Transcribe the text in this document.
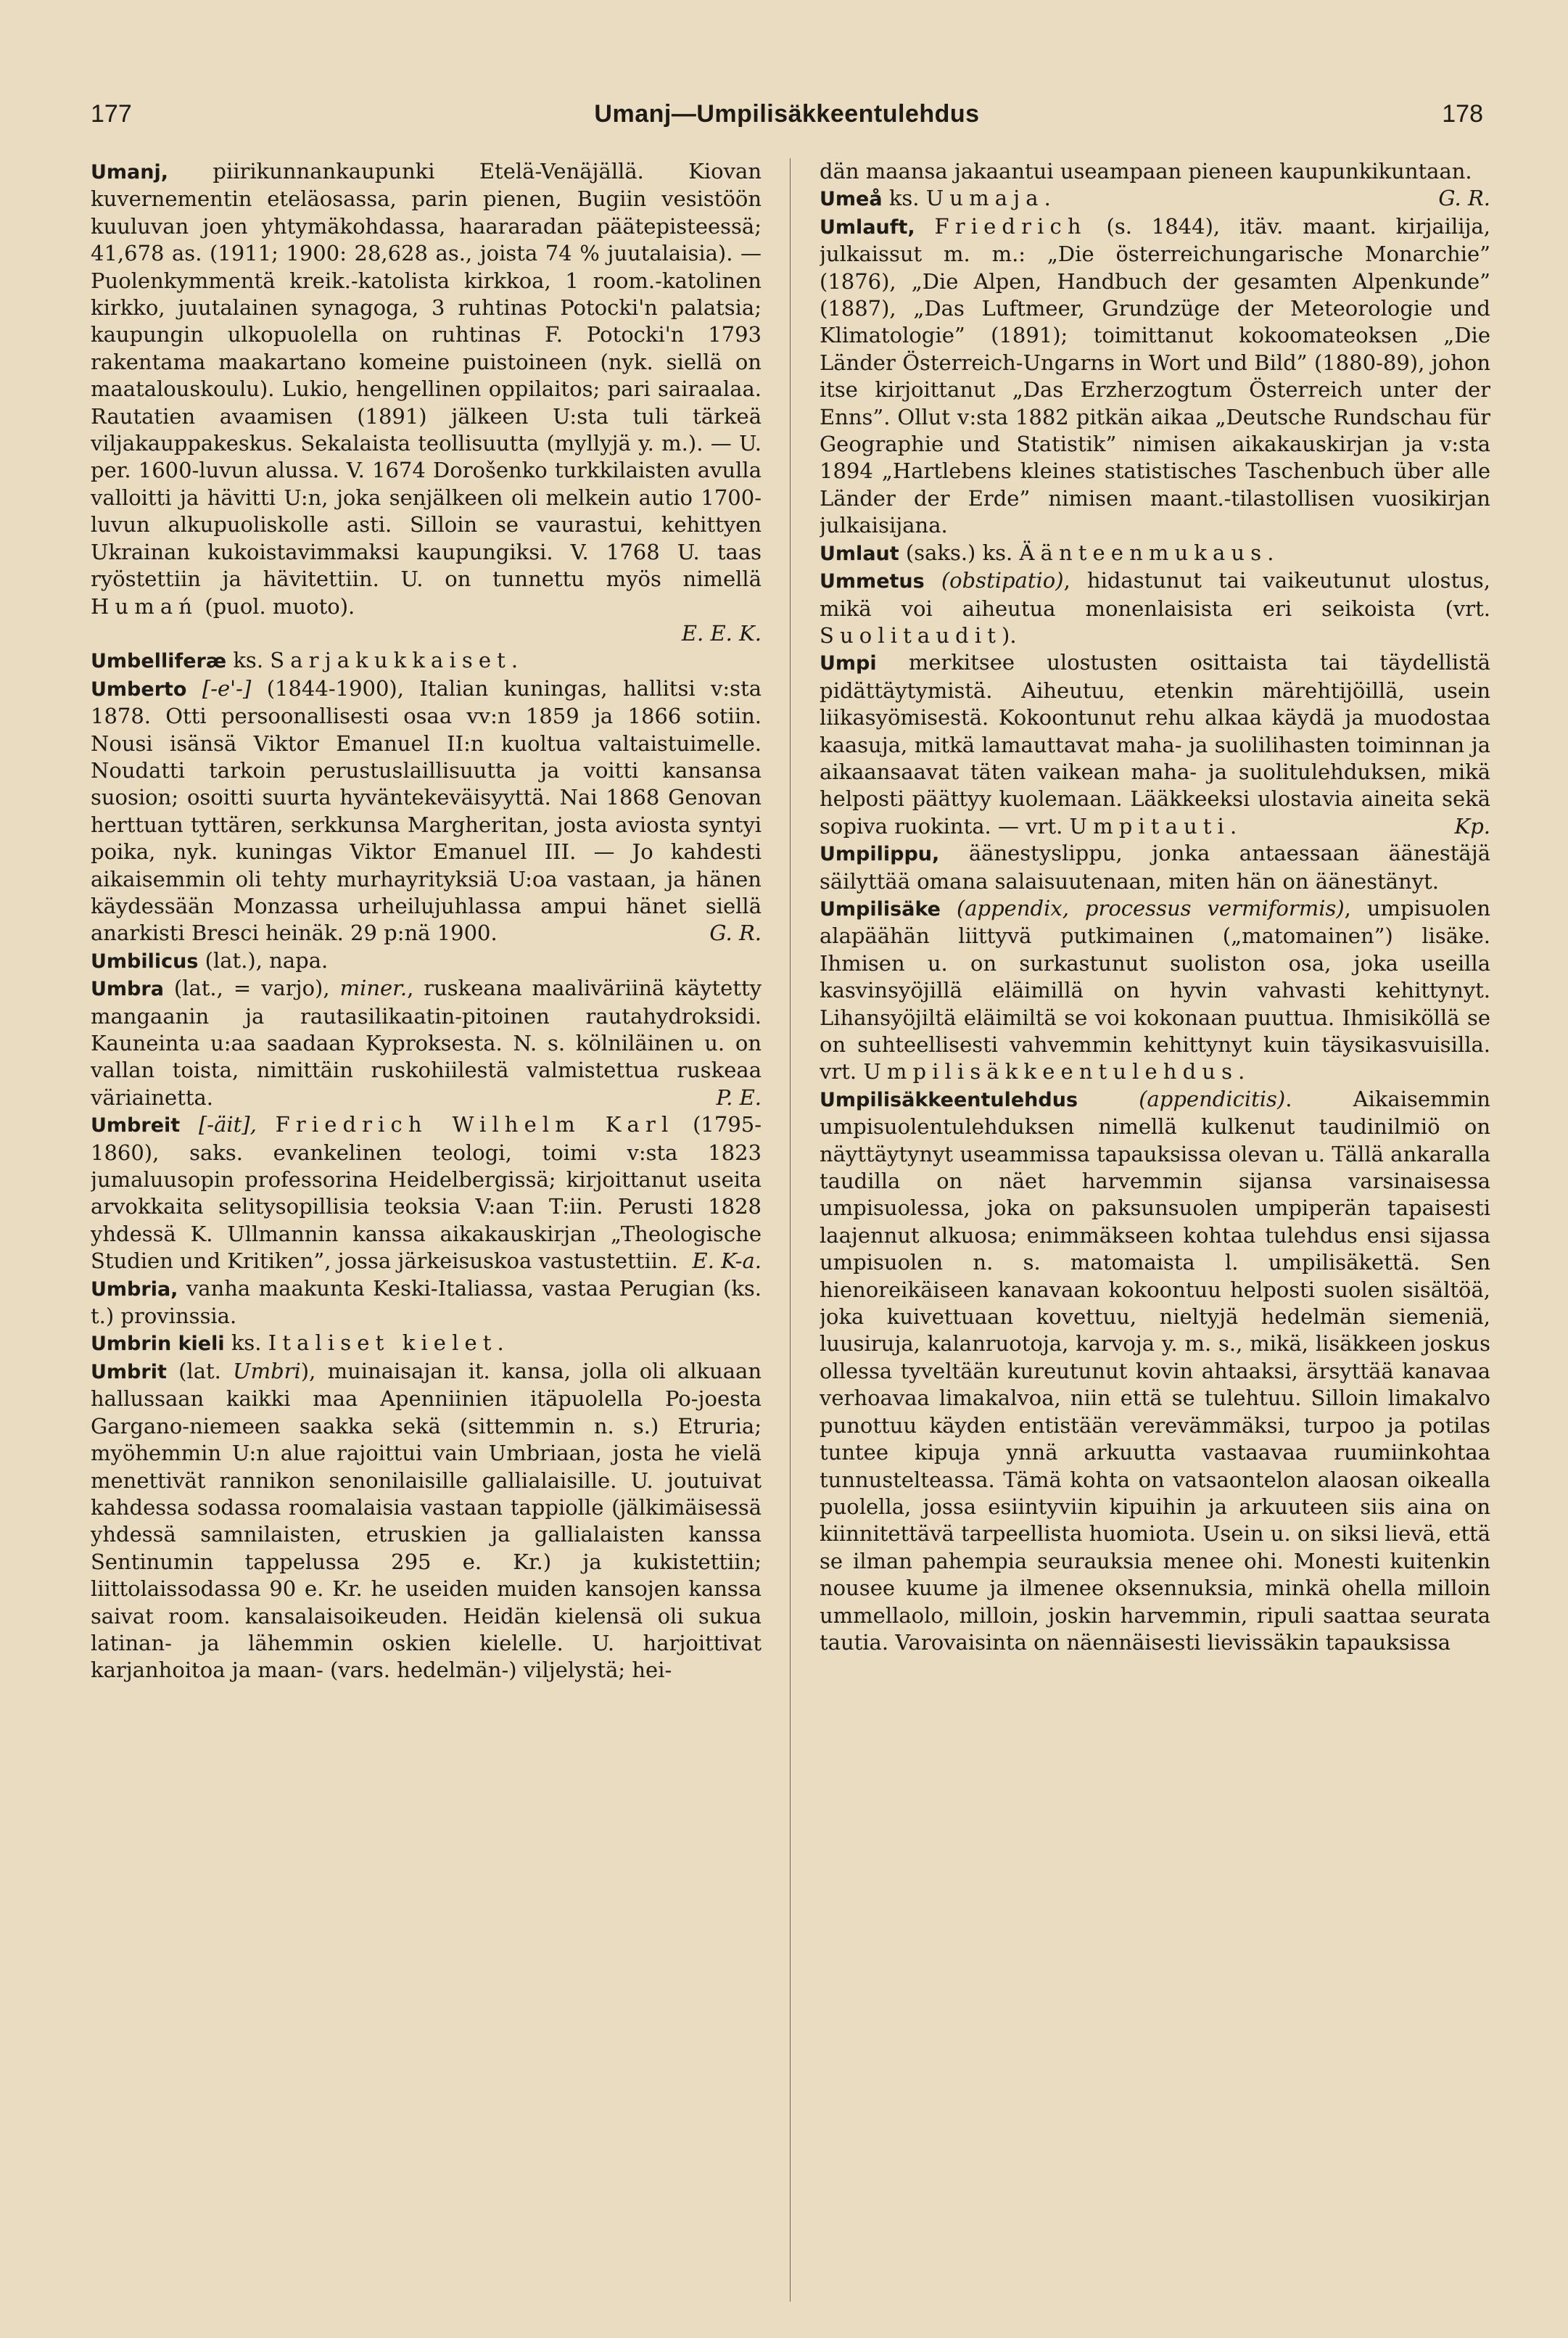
177	Umanj—Umpilisäkkeentulehdus	178

Umanj, piirikunnankaupunki Etelä-Venäjällä. Kiovan kuvernementin eteläosassa, parin pienen, Bugiin vesistöön kuuluvan joen yhtymäkohdassa, haararadan päätepisteessä; 41,678 as. (1911; 1900: 28,628 as., joista 74 % juutalaisia). — Puolenkymmentä kreik.-katolista kirkkoa, 1 room.-katolinen kirkko, juutalainen synagoga, 3 ruhtinas Potocki'n palatsia; kaupungin ulkopuolella on ruhtinas F. Potocki'n 1793 rakentama maakartano komeine puistoineen (nyk. siellä on maatalouskoulu). Lukio, hengellinen oppilaitos; pari sairaalaa. Rautatien avaamisen (1891) jälkeen U:sta tuli tärkeä viljakauppakeskus. Sekalaista teollisuutta (myllyjä y. m.). — U. per. 1600-luvun alussa. V. 1674 Dorošenko turkkilaisten avulla valloitti ja hävitti U:n, joka senjälkeen oli melkein autio 1700-luvun alkupuoliskolle asti. Silloin se vaurastui, kehittyen Ukrainan kukoistavimmaksi kaupungiksi. V. 1768 U. taas ryöstettiin ja hävitettiin. U. on tunnettu myös nimellä Humań (puol. muoto).
E. E. K.

Umbelliferæ ks. Sarjakukkaiset.

Umberto [-e'-] (1844-1900), Italian kuningas, hallitsi v:sta 1878. Otti persoonallisesti osaa vv:n 1859 ja 1866 sotiin. Nousi isänsä Viktor Emanuel II:n kuoltua valtaistuimelle. Noudatti tarkoin perustuslaillisuutta ja voitti kansansa suosion; osoitti suurta hyväntekeväisyyttä. Nai 1868 Genovan herttuan tyttären, serkkunsa Margheritan, josta aviosta syntyi poika, nyk. kuningas Viktor Emanuel III. — Jo kahdesti aikaisemmin oli tehty murhayrityksiä U:oa vastaan, ja hänen käydessään Monzassa urheilujuhlassa ampui hänet siellä anarkisti Bresci heinäk. 29 p:nä 1900.	G. R.

Umbilicus (lat.), napa.

Umbra (lat., = varjo), miner., ruskeana maaliväriinä käytetty mangaanin ja rautasilikaatin-pitoinen rautahydroksidi. Kauneinta u:aa saadaan Kyproksesta. N. s. kölniläinen u. on vallan toista, nimittäin ruskohiilestä valmistettua ruskeaa väriainetta.	P. E.

Umbreit [-äit], Friedrich Wilhelm Karl (1795-1860), saks. evankelinen teologi, toimi v:sta 1823 jumaluusopin professorina Heidelbergissä; kirjoittanut useita arvokkaita selitysopillisia teoksia V:aan T:iin. Perusti 1828 yhdessä K. Ullmannin kanssa aikakauskirjan „Theologische Studien und Kritiken”, jossa järkeisuskoa vastustettiin. E. K-a.

Umbria, vanha maakunta Keski-Italiassa, vastaa Perugian (ks. t.) provinssia.

Umbrin kieli ks. Italiset kielet.

Umbrit (lat. Umbri), muinaisajan it. kansa, jolla oli alkuaan hallussaan kaikki maa Apenniinien itäpuolella Po-joesta Gargano-niemeen saakka sekä (sittemmin n. s.) Etruria; myöhemmin U:n alue rajoittui vain Umbriaan, josta he vielä menettivät rannikon senonilaisille gallialaisille. U. joutuivat kahdessa sodassa roomalaisia vastaan tappiolle (jälkimäisessä yhdessä samnilaisten, etruskien ja gallialaisten kanssa Sentinumin tappelussa 295 e. Kr.) ja kukistettiin; liittolaissodassa 90 e. Kr. he useiden muiden kansojen kanssa saivat room. kansalaisoikeuden. Heidän kielensä oli sukua latinan- ja lähemmin oskien kielelle. U. harjoittivat karjanhoitoa ja maan- (vars. hedelmän-) viljelystä; hei-

dän maansa jakaantui useampaan pieneen kaupunkikuntaan.
G. R.

Umeå ks. Uumaja.

Umlauft, Friedrich (s. 1844), itäv. maant. kirjailija, julkaissut m. m.: „Die österreichungarische Monarchie” (1876), „Die Alpen, Handbuch der gesamten Alpenkunde” (1887), „Das Luftmeer, Grundzüge der Meteorologie und Klimatologie” (1891); toimittanut kokoomateoksen „Die Länder Österreich-Ungarns in Wort und Bild” (1880-89), johon itse kirjoittanut „Das Erzherzogtum Österreich unter der Enns”. Ollut v:sta 1882 pitkän aikaa „Deutsche Rundschau für Geographie und Statistik” nimisen aikakauskirjan ja v:sta 1894 „Hartlebens kleines statistisches Taschenbuch über alle Länder der Erde” nimisen maant.-tilastollisen vuosikirjan julkaisijana.

Umlaut (saks.) ks. Äänteenmukaus.

Ummetus (obstipatio), hidastunut tai vaikeutunut ulostus, mikä voi aiheutua monenlaisista eri seikoista (vrt. Suolitaudit).

Umpi merkitsee ulostusten osittaista tai täydellistä pidättäytymistä. Aiheutuu, etenkin märehtijöillä, usein liikasyömisestä. Kokoontunut rehu alkaa käydä ja muodostaa kaasuja, mitkä lamauttavat maha- ja suolilihasten toiminnan ja aikaansaavat täten vaikean maha- ja suolitulehduksen, mikä helposti päättyy kuolemaan. Lääkkeeksi ulostavia aineita sekä sopiva ruokinta. — vrt. Umpitauti.	Kp.

Umpilippu, äänestyslippu, jonka antaessaan äänestäjä säilyttää omana salaisuutenaan, miten hän on äänestänyt.

Umpilisäke (appendix, processus vermiformis), umpisuolen alapäähän liittyvä putkimainen („matomainen”) lisäke. Ihmisen u. on surkastunut suoliston osa, joka useilla kasvinsyöjillä eläimillä on hyvin vahvasti kehittynyt. Lihansyöjiltä eläimiltä se voi kokonaan puuttua. Ihmisiköllä se on suhteellisesti vahvemmin kehittynyt kuin täysikasvuisilla. vrt. Umpilisäkkeentulehdus.

Umpilisäkkeentulehdus	(appendicitis). Aikaisemmin umpisuolentulehduksen nimellä kulkenut taudinilmiö on näyttäytynyt useammissa tapauksissa olevan u. Tällä ankaralla taudilla on näet harvemmin sijansa varsinaisessa umpisuolessa, joka on paksunsuolen umpiperän tapaisesti laajennut alkuosa; enimmäkseen kohtaa tulehdus ensi sijassa umpisuolen n. s. matomaista l. umpilisäkettä. Sen hienoreikäiseen kanavaan kokoontuu helposti suolen sisältöä, joka kuivettuaan kovettuu, nieltyjä hedelmän siemeniä, luusiruja, kalanruotoja, karvoja y. m. s., mikä, lisäkkeen joskus ollessa tyveltään kureutunut kovin ahtaaksi, ärsyttää kanavaa verhoavaa limakalvoa, niin että se tulehtuu. Silloin limakalvo punottuu käyden entistään verevämmäksi, turpoo ja potilas tuntee kipuja ynnä arkuutta vastaavaa ruumiinkohtaa tunnustelteassa. Tämä kohta on vatsaontelon alaosan oikealla puolella, jossa esiintyviin kipuihin ja arkuuteen siis aina on kiinnitettävä tarpeellista huomiota. Usein u. on siksi lievä, että se ilman pahempia seurauksia menee ohi. Monesti kuitenkin nousee kuume ja ilmenee oksennuksia, minkä ohella milloin ummellaolo, milloin, joskin harvemmin, ripuli saattaa seurata tautia. Varovaisinta on näennäisesti lievissäkin tapauksissa
